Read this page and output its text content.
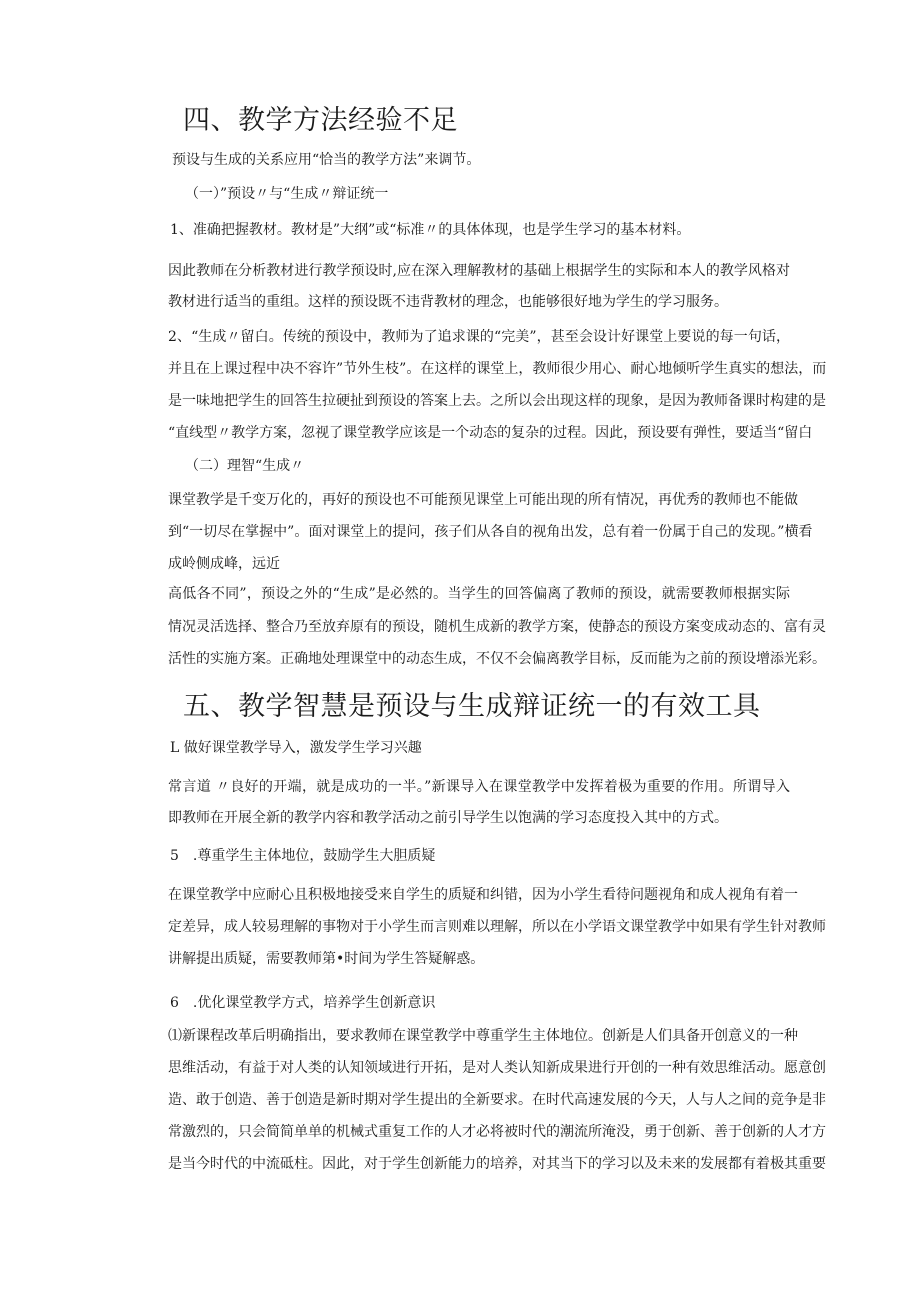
四、教学方法经验不足
预设与生成的关系应用“恰当的教学方法”来调节。
（一）”预设〃与“生成〃辩证统一
1、准确把握教材。教材是”大纲”或“标准〃的具体体现，也是学生学习的基本材料。
因此教师在分析教材进行教学预设时,应在深入理解教材的基础上根据学生的实际和本人的教学风格对
教材进行适当的重组。这样的预设既不违背教材的理念，也能够很好地为学生的学习服务。
2、“生成〃留白。传统的预设中，教师为了追求课的“完美”，甚至会设计好课堂上要说的每一句话，
并且在上课过程中决不容许”节外生枝”。在这样的课堂上，教师很少用心、耐心地倾听学生真实的想法，而
是一味地把学生的回答生拉硬扯到预设的答案上去。之所以会出现这样的现象，是因为教师备课时构建的是
“直线型〃教学方案，忽视了课堂教学应该是一个动态的复杂的过程。因此，预设要有弹性，要适当“留白
（二）理智“生成〃
课堂教学是千变万化的，再好的预设也不可能预见课堂上可能出现的所有情况，再优秀的教师也不能做
到“一切尽在掌握中”。面对课堂上的提问，孩子们从各自的视角出发，总有着一份属于自己的发现。”横看
成岭侧成峰，远近
高低各不同”，预设之外的“生成”是必然的。当学生的回答偏离了教师的预设，就需要教师根据实际
情况灵活选择、整合乃至放弃原有的预设，随机生成新的教学方案，使静态的预设方案变成动态的、富有灵
活性的实施方案。正确地处理课堂中的动态生成，不仅不会偏离教学目标，反而能为之前的预设增添光彩。
五、教学智慧是预设与生成辩证统一的有效工具
L 做好课堂教学导入，激发学生学习兴趣
常言道 〃良好的开端，就是成功的一半。”新课导入在课堂教学中发挥着极为重要的作用。所谓导入
即教师在开展全新的教学内容和教学活动之前引导学生以饱满的学习态度投入其中的方式。
5　.尊重学生主体地位，鼓励学生大胆质疑
在课堂教学中应耐心且积极地接受来自学生的质疑和纠错，因为小学生看待问题视角和成人视角有着一
定差异，成人较易理解的事物对于小学生而言则难以理解，所以在小学语文课堂教学中如果有学生针对教师
讲解提出质疑，需要教师第•时间为学生答疑解惑。
6　.优化课堂教学方式，培养学生创新意识
⑴新课程改革后明确指出，要求教师在课堂教学中尊重学生主体地位。创新是人们具备开创意义的一种
思维活动，有益于对人类的认知领域进行开拓，是对人类认知新成果进行开创的一种有效思维活动。愿意创
造、敢于创造、善于创造是新时期对学生提出的全新要求。在时代高速发展的今天，人与人之间的竞争是非
常激烈的，只会简简单单的机械式重复工作的人才必将被时代的潮流所淹没，勇于创新、善于创新的人才方
是当今时代的中流砥柱。因此，对于学生创新能力的培养，对其当下的学习以及未来的发展都有着极其重要
